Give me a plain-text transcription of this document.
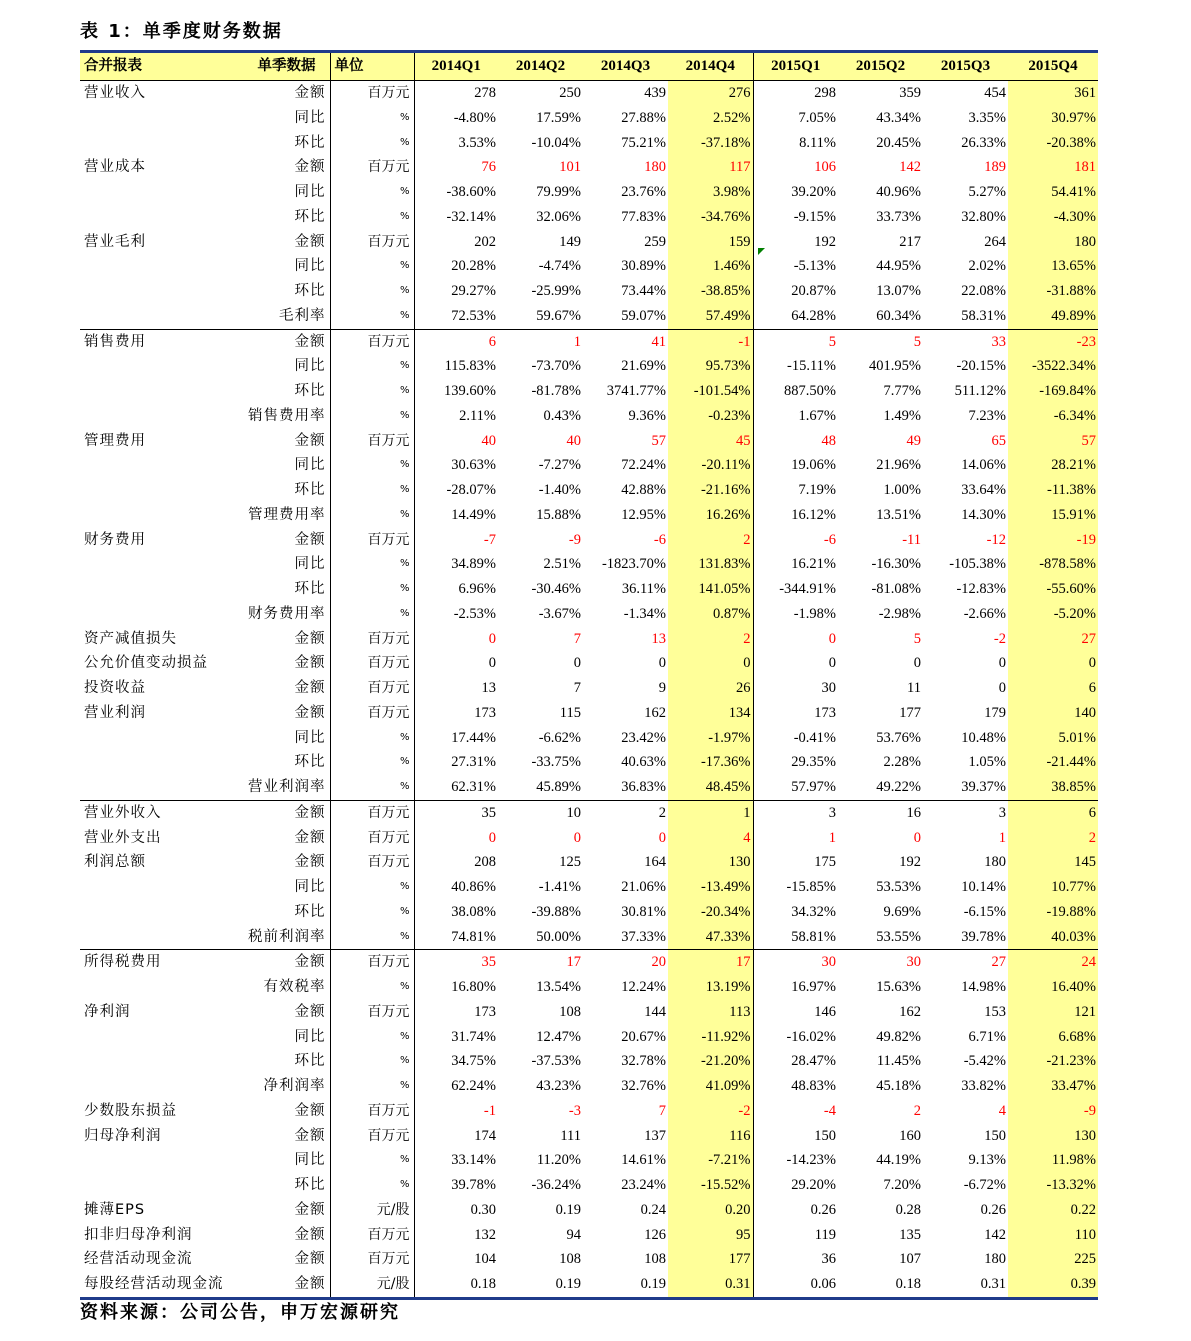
表 1：单季度财务数据
合并报表	单季数据	单位	2014Q1	2014Q2	2014Q3	2014Q4	2015Q1	2015Q2	2015Q3	2015Q4
营业收入	金额	百万元	278	250	439	276	298	359	454	361
	同比	%	-4.80%	17.59%	27.88%	2.52%	7.05%	43.34%	3.35%	30.97%
	环比	%	3.53%	-10.04%	75.21%	-37.18%	8.11%	20.45%	26.33%	-20.38%
营业成本	金额	百万元	76	101	180	117	106	142	189	181
	同比	%	-38.60%	79.99%	23.76%	3.98%	39.20%	40.96%	5.27%	54.41%
	环比	%	-32.14%	32.06%	77.83%	-34.76%	-9.15%	33.73%	32.80%	-4.30%
营业毛利	金额	百万元	202	149	259	159	192	217	264	180
	同比	%	20.28%	-4.74%	30.89%	1.46%	-5.13%	44.95%	2.02%	13.65%
	环比	%	29.27%	-25.99%	73.44%	-38.85%	20.87%	13.07%	22.08%	-31.88%
	毛利率	%	72.53%	59.67%	59.07%	57.49%	64.28%	60.34%	58.31%	49.89%
销售费用	金额	百万元	6	1	41	-1	5	5	33	-23
	同比	%	115.83%	-73.70%	21.69%	95.73%	-15.11%	401.95%	-20.15%	-3522.34%
	环比	%	139.60%	-81.78%	3741.77%	-101.54%	887.50%	7.77%	511.12%	-169.84%
	销售费用率	%	2.11%	0.43%	9.36%	-0.23%	1.67%	1.49%	7.23%	-6.34%
管理费用	金额	百万元	40	40	57	45	48	49	65	57
	同比	%	30.63%	-7.27%	72.24%	-20.11%	19.06%	21.96%	14.06%	28.21%
	环比	%	-28.07%	-1.40%	42.88%	-21.16%	7.19%	1.00%	33.64%	-11.38%
	管理费用率	%	14.49%	15.88%	12.95%	16.26%	16.12%	13.51%	14.30%	15.91%
财务费用	金额	百万元	-7	-9	-6	2	-6	-11	-12	-19
	同比	%	34.89%	2.51%	-1823.70%	131.83%	16.21%	-16.30%	-105.38%	-878.58%
	环比	%	6.96%	-30.46%	36.11%	141.05%	-344.91%	-81.08%	-12.83%	-55.60%
	财务费用率	%	-2.53%	-3.67%	-1.34%	0.87%	-1.98%	-2.98%	-2.66%	-5.20%
资产减值损失	金额	百万元	0	7	13	2	0	5	-2	27
公允价值变动损益	金额	百万元	0	0	0	0	0	0	0	0
投资收益	金额	百万元	13	7	9	26	30	11	0	6
营业利润	金额	百万元	173	115	162	134	173	177	179	140
	同比	%	17.44%	-6.62%	23.42%	-1.97%	-0.41%	53.76%	10.48%	5.01%
	环比	%	27.31%	-33.75%	40.63%	-17.36%	29.35%	2.28%	1.05%	-21.44%
	营业利润率	%	62.31%	45.89%	36.83%	48.45%	57.97%	49.22%	39.37%	38.85%
营业外收入	金额	百万元	35	10	2	1	3	16	3	6
营业外支出	金额	百万元	0	0	0	4	1	0	1	2
利润总额	金额	百万元	208	125	164	130	175	192	180	145
	同比	%	40.86%	-1.41%	21.06%	-13.49%	-15.85%	53.53%	10.14%	10.77%
	环比	%	38.08%	-39.88%	30.81%	-20.34%	34.32%	9.69%	-6.15%	-19.88%
	税前利润率	%	74.81%	50.00%	37.33%	47.33%	58.81%	53.55%	39.78%	40.03%
所得税费用	金额	百万元	35	17	20	17	30	30	27	24
	有效税率	%	16.80%	13.54%	12.24%	13.19%	16.97%	15.63%	14.98%	16.40%
净利润	金额	百万元	173	108	144	113	146	162	153	121
	同比	%	31.74%	12.47%	20.67%	-11.92%	-16.02%	49.82%	6.71%	6.68%
	环比	%	34.75%	-37.53%	32.78%	-21.20%	28.47%	11.45%	-5.42%	-21.23%
	净利润率	%	62.24%	43.23%	32.76%	41.09%	48.83%	45.18%	33.82%	33.47%
少数股东损益	金额	百万元	-1	-3	7	-2	-4	2	4	-9
归母净利润	金额	百万元	174	111	137	116	150	160	150	130
	同比	%	33.14%	11.20%	14.61%	-7.21%	-14.23%	44.19%	9.13%	11.98%
	环比	%	39.78%	-36.24%	23.24%	-15.52%	29.20%	7.20%	-6.72%	-13.32%
摊薄EPS	金额	元/股	0.30	0.19	0.24	0.20	0.26	0.28	0.26	0.22
扣非归母净利润	金额	百万元	132	94	126	95	119	135	142	110
经营活动现金流	金额	百万元	104	108	108	177	36	107	180	225
每股经营活动现金流	金额	元/股	0.18	0.19	0.19	0.31	0.06	0.18	0.31	0.39
资料来源：公司公告，申万宏源研究
